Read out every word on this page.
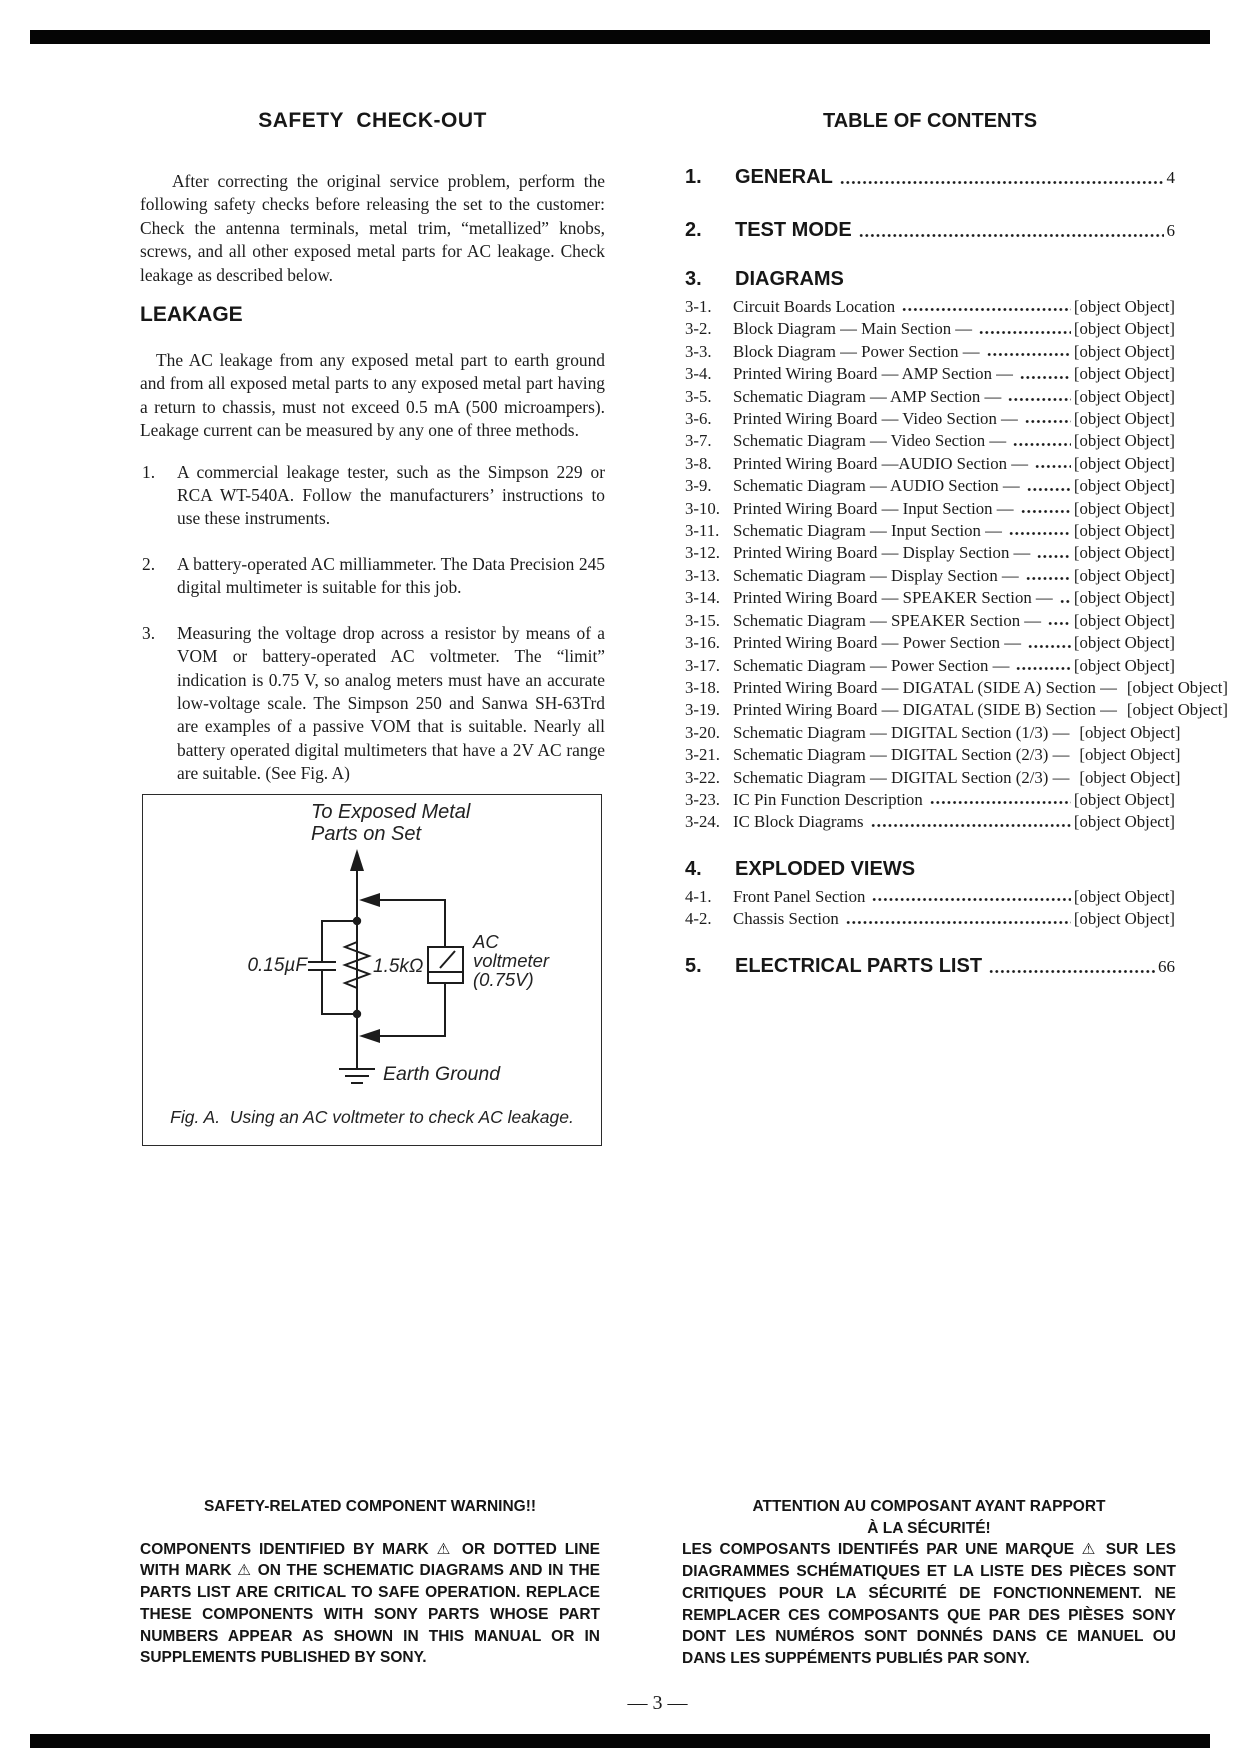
SAFETY  CHECK-OUT

After correcting the original service problem, perform the following safety checks before releasing the set to the customer: Check the antenna terminals, metal trim, “metallized” knobs, screws, and all other exposed metal parts for AC leakage. Check leakage as described below.

LEAKAGE

The AC leakage from any exposed metal part to earth ground and from all exposed metal parts to any exposed metal part having a return to chassis, must not exceed 0.5 mA (500 microampers). Leakage current can be measured by any one of three methods.

1. A commercial leakage tester, such as the Simpson 229 or RCA WT-540A. Follow the manufacturers’ instructions to use these instruments.
2. A battery-operated AC milliammeter. The Data Precision 245 digital multimeter is suitable for this job.
3. Measuring the voltage drop across a resistor by means of a VOM or battery-operated AC voltmeter. The “limit” indication is 0.75 V, so analog meters must have an accurate low-voltage scale. The Simpson 250 and Sanwa SH-63Trd are examples of a passive VOM that is suitable. Nearly all battery operated digital multimeters that have a 2V AC range are suitable. (See Fig. A)
To Exposed Metal
Parts on Set
0.15µF	1.5kΩ
AC
voltmeter
(0.75V)
Earth Ground
Fig. A.  Using an AC voltmeter to check AC leakage.
TABLE OF CONTENTS
1.	GENERAL	4
2.	TEST MODE	6
3.	DIAGRAMS
3-1.	Circuit Boards Location	[object Object]
3-2.	Block Diagram — Main Section —	[object Object]
3-3.	Block Diagram — Power Section —	[object Object]
3-4.	Printed Wiring Board — AMP Section —	[object Object]
3-5.	Schematic Diagram — AMP Section —	[object Object]
3-6.	Printed Wiring Board — Video Section —	[object Object]
3-7.	Schematic Diagram — Video Section —	[object Object]
3-8.	Printed Wiring Board —AUDIO Section —	[object Object]
3-9.	Schematic Diagram — AUDIO Section —	[object Object]
3-10. Printed Wiring Board — Input Section —	[object Object]
3-11. Schematic Diagram — Input Section —	[object Object]
3-12. Printed Wiring Board — Display Section —	[object Object]
3-13. Schematic Diagram — Display Section —	[object Object]
3-14. Printed Wiring Board — SPEAKER Section — [object Object]
3-15. Schematic Diagram — SPEAKER Section — [object Object]
3-16. Printed Wiring Board — Power Section —	[object Object]
3-17. Schematic Diagram — Power Section —	[object Object]
3-18. Printed Wiring Board — DIGATAL (SIDE A) Section — [object Object]
3-19. Printed Wiring Board — DIGATAL (SIDE B) Section — [object Object]
3-20. Schematic Diagram — DIGITAL Section (1/3) — [object Object]
3-21. Schematic Diagram — DIGITAL Section (2/3) — [object Object]
3-22. Schematic Diagram — DIGITAL Section (2/3) — [object Object]
3-23. IC Pin Function Description	[object Object]
3-24. IC Block Diagrams	[object Object]
4.	EXPLODED VIEWS
4-1.	Front Panel Section	[object Object]
4-2.	Chassis Section	[object Object]
5.	ELECTRICAL PARTS LIST	66

SAFETY-RELATED COMPONENT WARNING!!

COMPONENTS IDENTIFIED BY MARK ⚠ OR DOTTED LINE WITH MARK ⚠ ON THE SCHEMATIC DIAGRAMS AND IN THE PARTS LIST ARE CRITICAL TO SAFE OPERATION. REPLACE THESE COMPONENTS WITH SONY PARTS WHOSE PART NUMBERS APPEAR AS SHOWN IN THIS MANUAL OR IN SUPPLEMENTS PUBLISHED BY SONY.

ATTENTION AU COMPOSANT AYANT RAPPORT

À LA SÉCURITÉ!

LES COMPOSANTS IDENTIFÉS PAR UNE MARQUE ⚠ SUR LES DIAGRAMMES SCHÉMATIQUES ET LA LISTE DES PIÈCES SONT CRITIQUES POUR LA SÉCURITÉ DE FONCTIONNEMENT. NE REMPLACER CES COMPOSANTS QUE PAR DES PIÈSES SONY DONT LES NUMÉROS SONT DONNÉS DANS CE MANUEL OU DANS LES SUPPÉMENTS PUBLIÉS PAR SONY.

— 3 —
